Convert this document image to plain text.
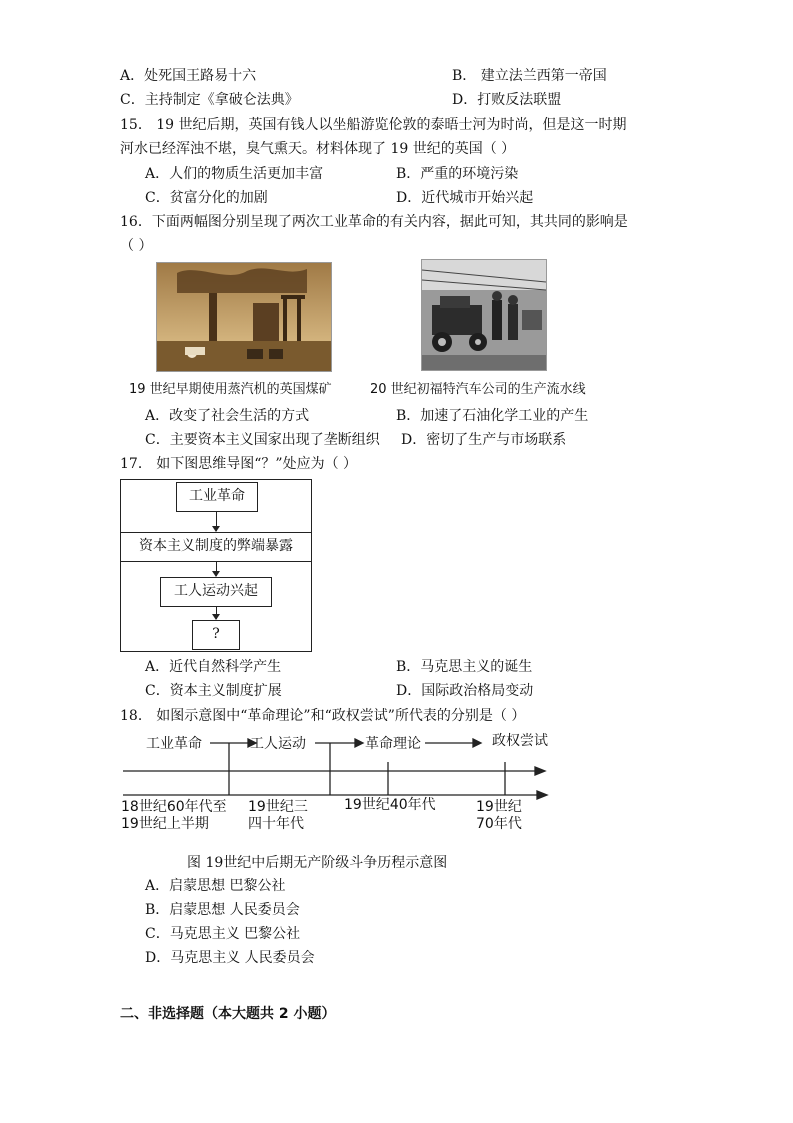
A．处死国王路易十六	B． 建立法兰西第一帝国
C．主持制定《拿破仑法典》	D．打败反法联盟
15． 19 世纪后期，英国有钱人以坐船游览伦敦的泰晤士河为时尚，但是这一时期
河水已经浑浊不堪，臭气熏天。材料体现了 19 世纪的英国（ ）
A．人们的物质生活更加丰富	B．严重的环境污染
C．贫富分化的加剧	D．近代城市开始兴起
16．下面两幅图分别呈现了两次工业革命的有关内容，据此可知，其共同的影响是
（ ）
19 世纪早期使用蒸汽机的英国煤矿	20 世纪初福特汽车公司的生产流水线
A．改变了社会生活的方式	B．加速了石油化学工业的产生
C．主要资本主义国家出现了垄断组织 D．密切了生产与市场联系
17． 如下图思维导图“？”处应为（ ）
工业革命
资本主义制度的弊端暴露
工人运动兴起
?
A．近代自然科学产生	B．马克思主义的诞生
C．资本主义制度扩展	D．国际政治格局变动
18． 如图示意图中“革命理论”和“政权尝试”所代表的分别是（ ）
工业革命	工人运动	革命理论	政权尝试
18世纪60年代至
19世纪上半期
19世纪三
四十年代
19世纪40年代	19世纪
70年代
图 19世纪中后期无产阶级斗争历程示意图
A．启蒙思想 巴黎公社
B．启蒙思想 人民委员会
C．马克思主义 巴黎公社
D．马克思主义 人民委员会
二、非选择题（本大题共 2 小题）
